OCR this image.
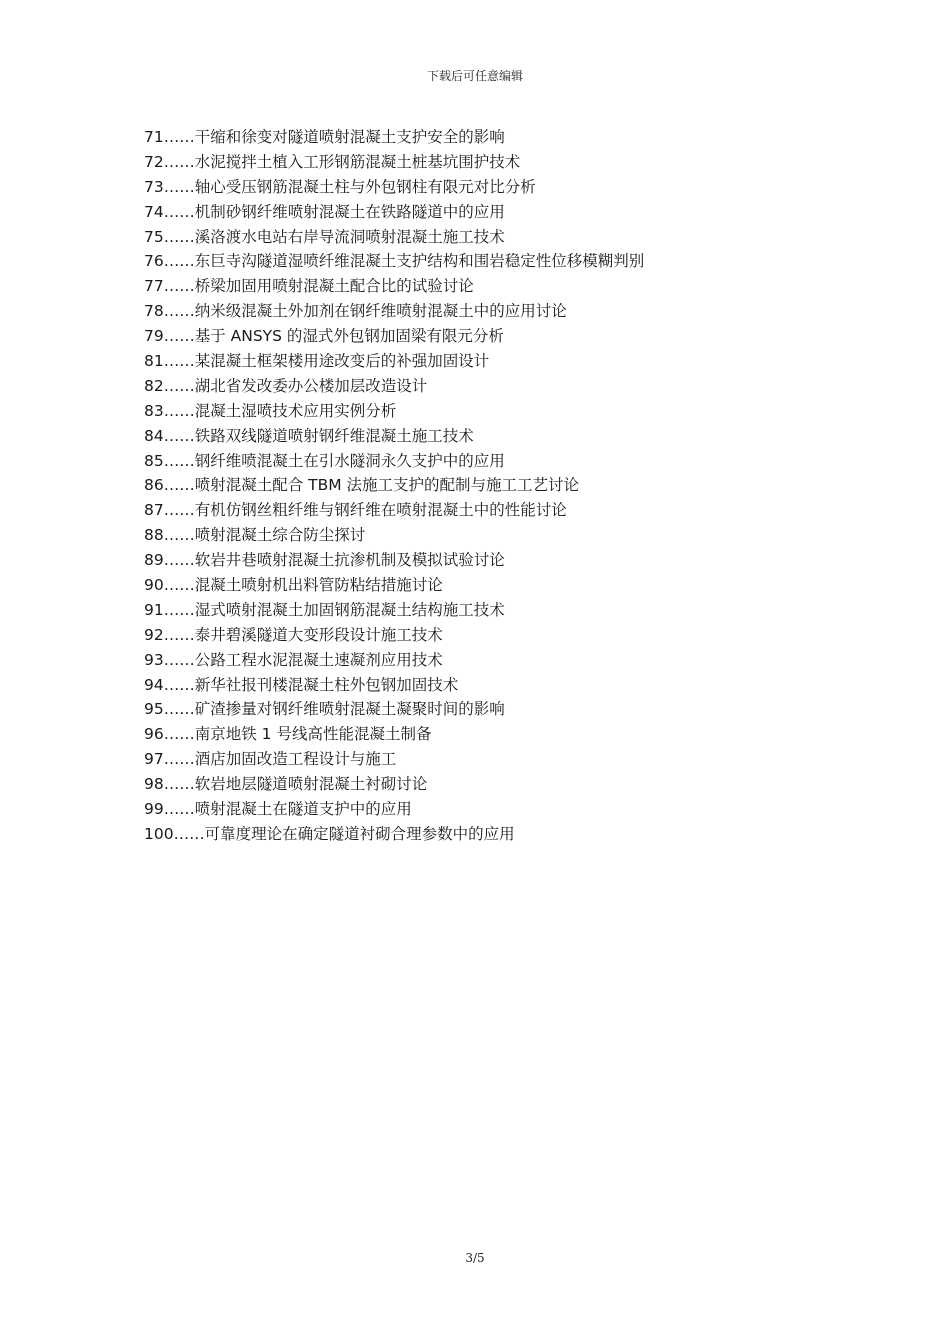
下载后可任意编辑
71……干缩和徐变对隧道喷射混凝土支护安全的影响
72……水泥搅拌土植入工形钢筋混凝土桩基坑围护技术
73……轴心受压钢筋混凝土柱与外包钢柱有限元对比分析
74……机制砂钢纤维喷射混凝土在铁路隧道中的应用
75……溪洛渡水电站右岸导流洞喷射混凝土施工技术
76……东巨寺沟隧道湿喷纤维混凝土支护结构和围岩稳定性位移模糊判别
77……桥梁加固用喷射混凝土配合比的试验讨论
78……纳米级混凝土外加剂在钢纤维喷射混凝土中的应用讨论
79……基于 ANSYS 的湿式外包钢加固梁有限元分析
81……某混凝土框架楼用途改变后的补强加固设计
82……湖北省发改委办公楼加层改造设计
83……混凝土湿喷技术应用实例分析
84……铁路双线隧道喷射钢纤维混凝土施工技术
85……钢纤维喷混凝土在引水隧洞永久支护中的应用
86……喷射混凝土配合 TBM 法施工支护的配制与施工工艺讨论
87……有机仿钢丝粗纤维与钢纤维在喷射混凝土中的性能讨论
88……喷射混凝土综合防尘探讨
89……软岩井巷喷射混凝土抗渗机制及模拟试验讨论
90……混凝土喷射机出料管防粘结措施讨论
91……湿式喷射混凝土加固钢筋混凝土结构施工技术
92……泰井碧溪隧道大变形段设计施工技术
93……公路工程水泥混凝土速凝剂应用技术
94……新华社报刊楼混凝土柱外包钢加固技术
95……矿渣掺量对钢纤维喷射混凝土凝聚时间的影响
96……南京地铁 1 号线高性能混凝土制备
97……酒店加固改造工程设计与施工
98……软岩地层隧道喷射混凝土衬砌讨论
99……喷射混凝土在隧道支护中的应用
100……可靠度理论在确定隧道衬砌合理参数中的应用
3/5
